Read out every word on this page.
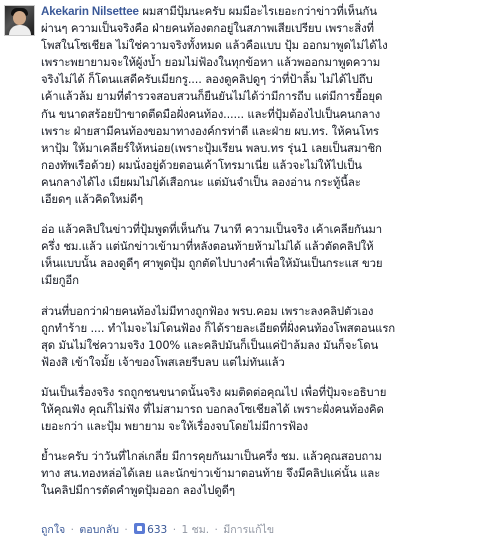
Akekarin Nilsettee ผมสามีปุ้มนะครับ ผมมีอะไรเยอะกว่าข่าวที่เห็นกัน
ผ่านๆ ความเป็นจริงคือ ฝ่ายคนท้องตกอยู่ในสภาพเสียเปรียบ เพราะสิ่งที่
โพสในโซเชียล ไม่ใช่ความจริงทั้งหมด แล้วคือแบบ ปุ้ม ออกมาพูดไม่ได้ไง
เพราะพยายามจะให้ผู้งบ้ำ ยอมไม่ฟ้องในทุกข้อหา แล้วพออกมาพูดความ
จริงไม่ได้ ก็โดนแสดีครับเมียกรู.... ลองดูคลิปดูๆ ว่าที่ป้าลิ้ม ไม่ได้ไปถึบ
เค้าแล้วล้ม ยามที่ตำรวจสอบสวนก็ยืนยันไม่ได้ว่ามีการถีบ แต่มีการยื้อยุด
กัน ขนาดสร้อยป้าขาดตีดมือฝั่งคนท้อง...... และที่ปุ้มต้องไปเป็นคนกลาง
เพราะ ฝ่ายสามีคนท้องขอมาทางองค์กรท่าตี และฝ่าย ผบ.ทร. ให้คนโทร
หาปุ้ม ให้มาเคลียร์ให้หน่อย(เพราะปุ้มเรียน พลบ.ทร รุ่น1 เลยเป็นสมาชิก
กองทัพเรือด้วย) ผมนั่งอยู่ด้วยตอนเค้าโทรมาเนี่ย แล้วจะไม่ให้ไปเป็น
คนกลางได้ไง เมียผมไม่ได้เสือกนะ แต่มันจำเป็น ลองอ่าน กระทู้นี้ละ
เอียดๆ แล้วคิดใหม่ดีๆ
อ่อ แล้วคลิปในข่าวที่ปุ้มพูดที่เห็นกัน 7นาที ความเป็นจริง เค้าเคลียกันมา
ครึ่ง ชม.แล้ว แต่นักข่าวเข้ามาที่หลังตอนท้ายห้ามไม่ได้ แล้วตัดคลิปให้
เห็นแบบนั้น ลองดูดีๆ ศาพูดปุ้ม ถูกตัดไปบางคำเพื่อให้มันเป็นกระแส ขวย
เมียกูอีก
ส่วนที่บอกว่าฝ่ายคนท้องไม่มีทางถูกฟ้อง พรบ.คอม เพราะลงคลิปตัวเอง
ถูกทำร้าย .... ทำไมจะไม่โดนฟ้อง ก็ได้รายละเอียดที่ฝั่งคนท้องโพสตอนแรก
สุด มันไม่ใช่ความจริง 100% และคลิปมันก็เป็นแค่ป้าล้มลง มันก็จะโดน
ฟ้องสิ เข้าใจมั้ย เจ้าของโพสเลยรีบลบ แต่ไม่ทันแล้ว
มันเป็นเรื่องจริง รถถูกชนขนาดนั้นจริง ผมติดต่อคุณไป เพื่อที่ปุ้มจะอธิบาย
ให้คุณฟัง คุณก็ไม่ฟัง ที่ไม่สามารถ บอกลงโซเชียลได้ เพราะฝั่งคนท้องคิด
เยอะกว่า และปุ้ม พยายาม จะให้เรื่องจบโดยไม่มีการฟ้อง
ย้ำนะครับ ว่าวันที่ไกล่เกลี่ย มีการคุยกันมาเป็นครึ่ง ชม. แล้วคุณสอบถาม
ทาง สน.ทองหล่อได้เลย และนักข่าวเข้ามาตอนท้าย จึงมีคลิปแค่นั้น และ
ในคลิปมีการตัดคำพูดปุ้มออก ลองไปดูดีๆ
ถูกใจ · ตอบกลับ · 633 · 1 ชม. · มีการแก้ไข
